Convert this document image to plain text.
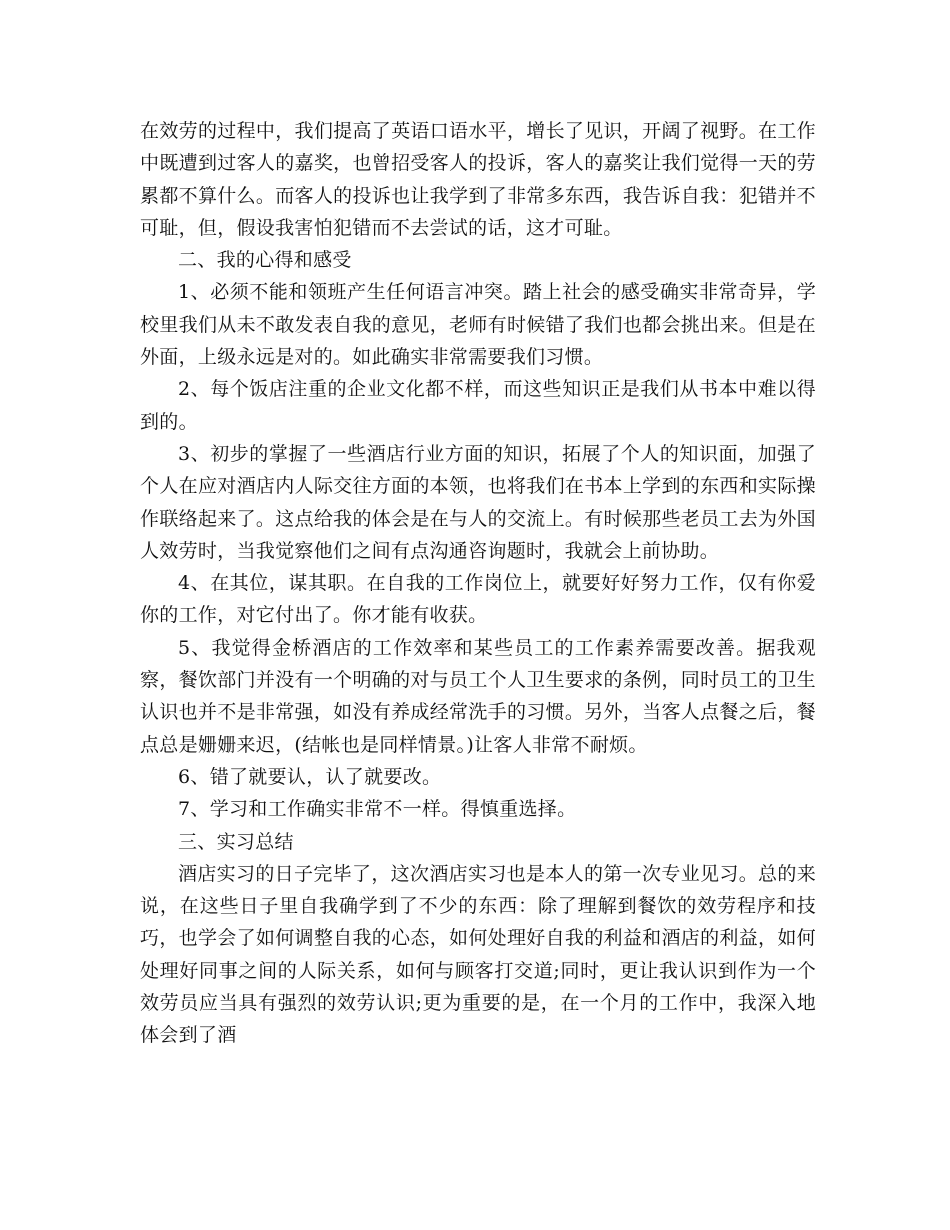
在效劳的过程中，我们提高了英语口语水平，增长了见识，开阔了视野。在工作中既遭到过客人的嘉奖，也曾招受客人的投诉，客人的嘉奖让我们觉得一天的劳累都不算什么。而客人的投诉也让我学到了非常多东西，我告诉自我：犯错并不可耻，但，假设我害怕犯错而不去尝试的话，这才可耻。

二、我的心得和感受

1、必须不能和领班产生任何语言冲突。踏上社会的感受确实非常奇异，学校里我们从未不敢发表自我的意见，老师有时候错了我们也都会挑出来。但是在外面，上级永远是对的。如此确实非常需要我们习惯。

2、每个饭店注重的企业文化都不样，而这些知识正是我们从书本中难以得到的。

3、初步的掌握了一些酒店行业方面的知识，拓展了个人的知识面，加强了个人在应对酒店内人际交往方面的本领，也将我们在书本上学到的东西和实际操作联络起来了。这点给我的体会是在与人的交流上。有时候那些老员工去为外国人效劳时，当我觉察他们之间有点沟通咨询题时，我就会上前协助。

4、在其位，谋其职。在自我的工作岗位上，就要好好努力工作，仅有你爱你的工作，对它付出了。你才能有收获。

5、我觉得金桥酒店的工作效率和某些员工的工作素养需要改善。据我观察，餐饮部门并没有一个明确的对与员工个人卫生要求的条例，同时员工的卫生认识也并不是非常强，如没有养成经常洗手的习惯。另外，当客人点餐之后，餐点总是姗姗来迟，(结帐也是同样情景。)让客人非常不耐烦。

6、错了就要认，认了就要改。

7、学习和工作确实非常不一样。得慎重选择。

三、实习总结

酒店实习的日子完毕了，这次酒店实习也是本人的第一次专业见习。总的来说，在这些日子里自我确学到了不少的东西：除了理解到餐饮的效劳程序和技巧，也学会了如何调整自我的心态，如何处理好自我的利益和酒店的利益，如何处理好同事之间的人际关系，如何与顾客打交道;同时，更让我认识到作为一个效劳员应当具有强烈的效劳认识;更为重要的是，在一个月的工作中，我深入地体会到了酒
